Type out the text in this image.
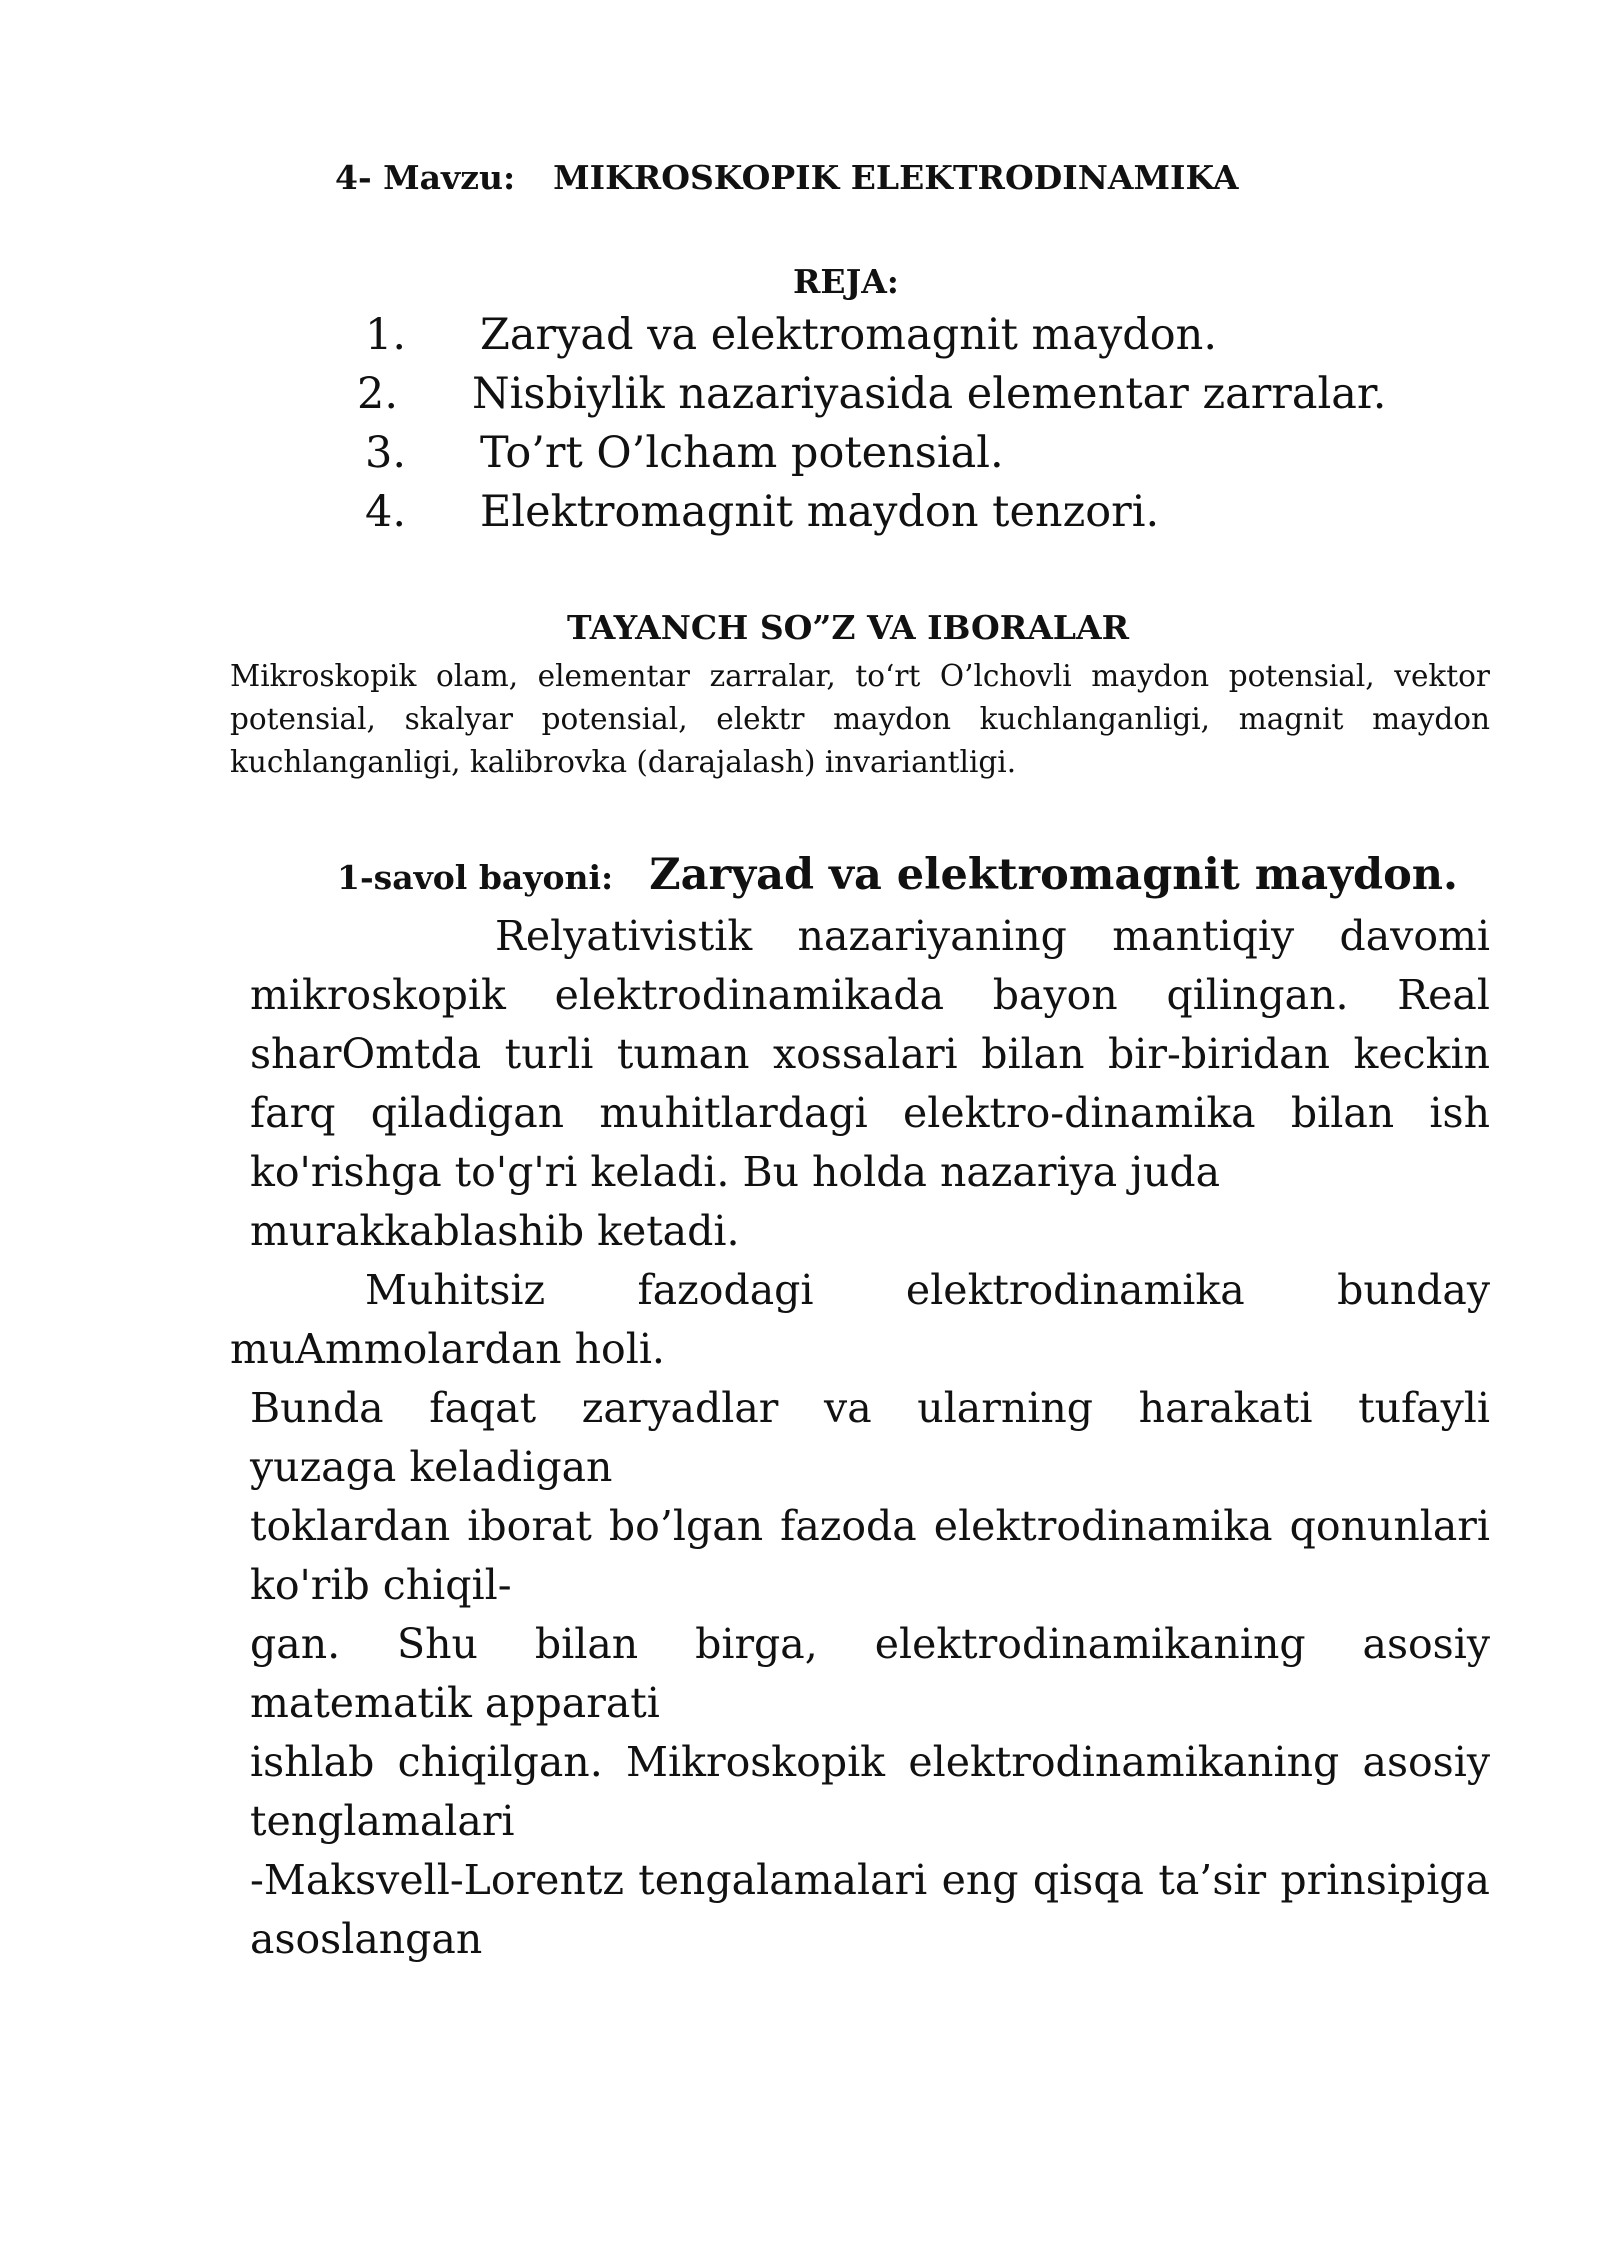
4- Mavzu: MIKROSKOPIK ELEKTRODINAMIKA
REJA:
1. Zaryad va elektromagnit maydon.
2. Nisbiylik nazariyasida elementar zarralar.
3. To’rt O’lcham potensial.
4. Elektromagnit maydon tenzori.
TAYANCH SO”Z VA IBORALAR

Mikroskopik olam, elementar zarralar, to‘rt O’lchovli maydon potensial, vektor potensial, skalyar potensial, elektr maydon kuchlanganligi, magnit maydon kuchlanganligi, kalibrovka (darajalash) invariantligi.

1-savol bayoni: Zaryad va elektromagnit maydon.

Relyativistik nazariyaning mantiqiy davomi

mikroskopik elektrodinamikada bayon qilingan. Real

sharOmtda turli tuman xossalari bilan bir-biridan keckin

farq qiladigan muhitlardagi elektro-dinamika bilan ish

ko'rishga to'g'ri keladi. Bu holda nazariya juda
murakkablashib ketadi.

Muhitsiz fazodagi elektrodinamika bunday

muAmmolardan holi.

Bunda faqat zaryadlar va ularning harakati tufayli

yuzaga keladigan

toklardan iborat bo’lgan fazoda elektrodinamika qonunlari

ko'rib chiqil-

gan. Shu bilan birga, elektrodinamikaning asosiy

matematik apparati

ishlab chiqilgan. Mikroskopik elektrodinamikaning asosiy

tenglamalari

-Maksvell-Lorentz tengalamalari eng qisqa ta’sir prinsipiga

asoslangan
